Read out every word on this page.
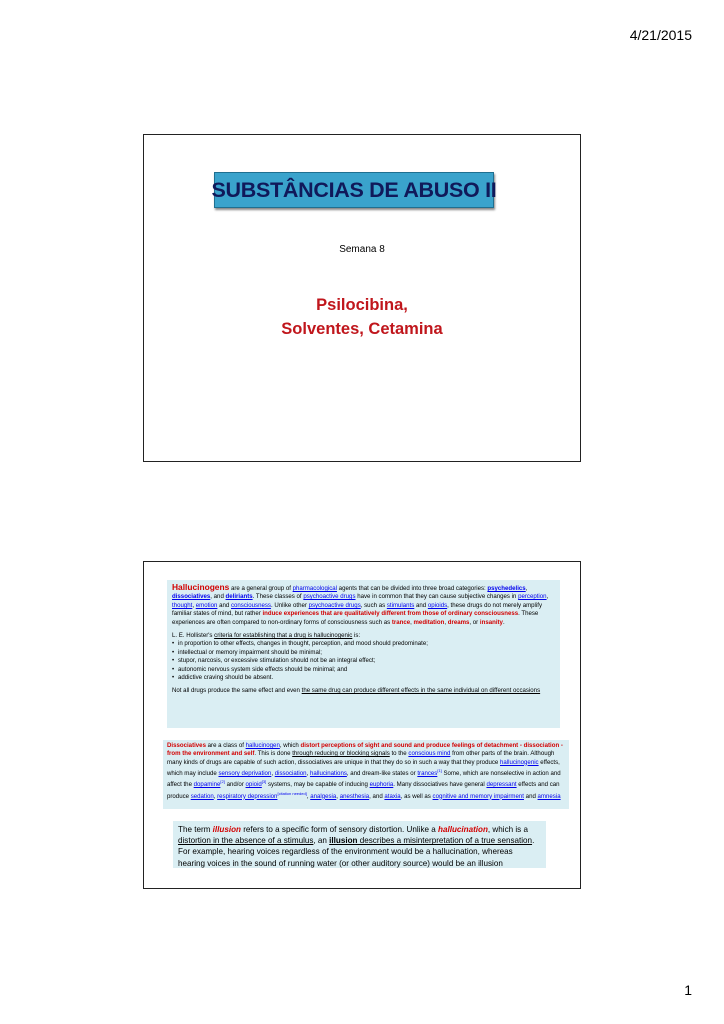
4/21/2015
SUBSTÂNCIAS DE ABUSO II
Semana 8
Psilocibina,
Solventes, Cetamina

Hallucinogens are a general group of pharmacological agents that can be divided into three broad categories: psychedelics, dissociatives, and deliriants. These classes of psychoactive drugs have in common that they can cause subjective changes in perception, thought, emotion and consciousness. Unlike other psychoactive drugs, such as stimulants and opioids, these drugs do not merely amplify familiar states of mind, but rather induce experiences that are qualitatively different from those of ordinary consciousness. These experiences are often compared to non-ordinary forms of consciousness such as trance, meditation, dreams, or insanity.

L. E. Hollister's criteria for establishing that a drug is hallucinogenic is:

• in proportion to other effects, changes in thought, perception, and mood should predominate;
• intellectual or memory impairment should be minimal;
• stupor, narcosis, or excessive stimulation should not be an integral effect;
• autonomic nervous system side effects should be minimal; and
• addictive craving should be absent.

Not all drugs produce the same effect and even the same drug can produce different effects in the same individual on different occasions

Dissociatives are a class of hallucinogen, which distort perceptions of sight and sound and produce feelings of detachment - dissociation - from the environment and self. This is done through reducing or blocking signals to the conscious mind from other parts of the brain. Although many kinds of drugs are capable of such action, dissociatives are unique in that they do so in such a way that they produce hallucinogenic effects, which may include sensory deprivation, dissociation, hallucinations, and dream-like states or trances[1] Some, which are nonselective in action and affect the dopamine[2] and/or opioid[3] systems, may be capable of inducing euphoria. Many dissociatives have general depressant effects and can produce sedation, respiratory depression[citation needed], analgesia, anesthesia, and ataxia, as well as cognitive and memory impairment and amnesia

The term illusion refers to a specific form of sensory distortion. Unlike a hallucination, which is a distortion in the absence of a stimulus, an illusion describes a misinterpretation of a true sensation. For example, hearing voices regardless of the environment would be a hallucination, whereas hearing voices in the sound of running water (or other auditory source) would be an illusion

1
